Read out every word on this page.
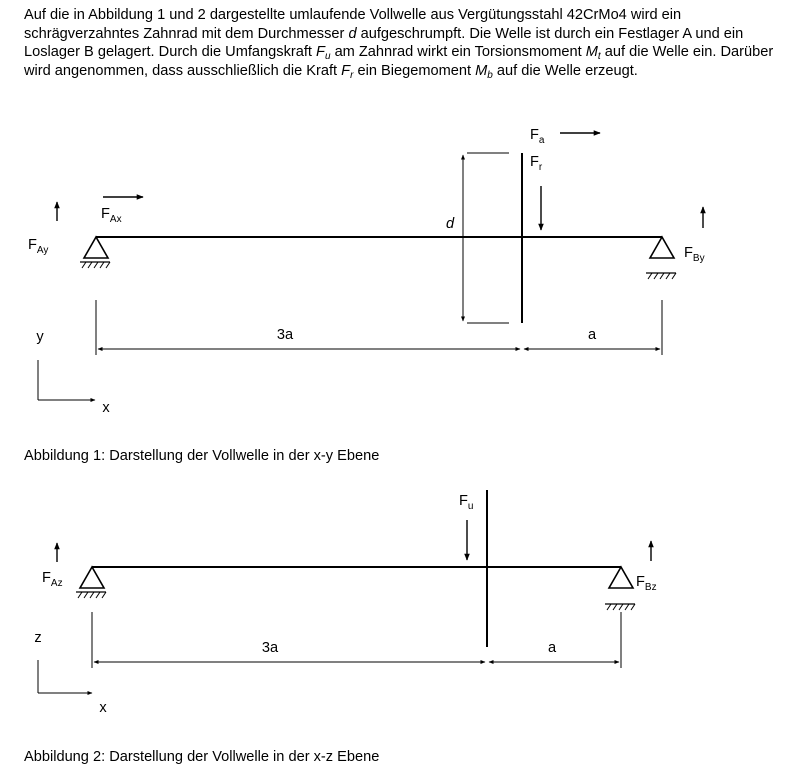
Auf die in Abbildung 1 und 2 dargestellte umlaufende Vollwelle aus Vergütungsstahl 42CrMo4 wird ein schrägverzahntes Zahnrad mit dem Durchmesser d aufgeschrumpft. Die Welle ist durch ein Festlager A und ein Loslager B gelagert. Durch die Umfangskraft $F_u$ am Zahnrad wirkt ein Torsionsmoment $M_t$ auf die Welle ein. Darüber wird angenommen, dass ausschließlich die Kraft $F_r$ ein Biegemoment $M_b$ auf die Welle erzeugt.

d
$F_a$
$F_r$
$F_{Ax}$
$F_{Ay}$	$F_{By}$
3a	a
y
x

Abbildung 1: Darstellung der Vollwelle in der x-y Ebene

$F_u$
$F_{Az}$	$F_{Bz}$
3a	a
z
x

Abbildung 2: Darstellung der Vollwelle in der x-z Ebene
